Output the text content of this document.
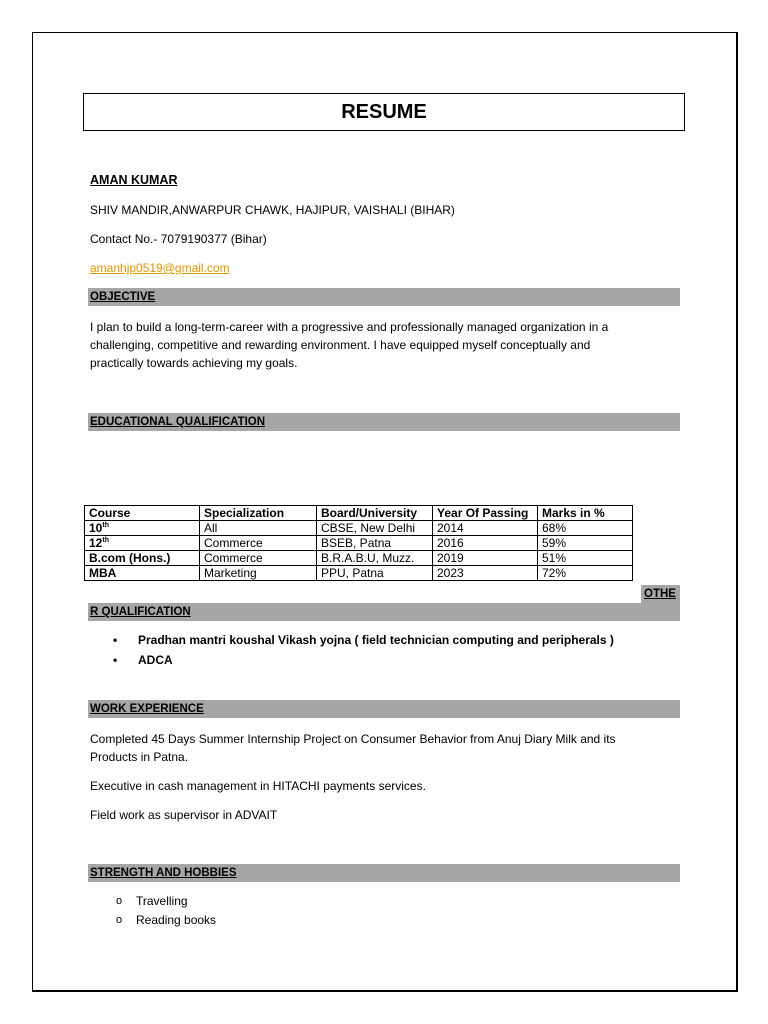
RESUME
AMAN KUMAR
SHIV MANDIR,ANWARPUR CHAWK, HAJIPUR, VAISHALI (BIHAR)
Contact No.- 7079190377 (Bihar)
amanhjp0519@gmail.com
OBJECTIVE
I plan to build a long-term-career with a progressive and professionally managed organization in a
challenging, competitive and rewarding environment. I have equipped myself conceptually and
practically towards achieving my goals.
EDUCATIONAL QUALIFICATION
Course	Specialization	Board/University	Year Of Passing	Marks in %
10th	All	CBSE, New Delhi	2014	68%
12th	Commerce	BSEB, Patna	2016	59%
B.com (Hons.)	Commerce	B.R.A.B.U, Muzz.	2019	51%
MBA	Marketing	PPU, Patna	2023	72%
OTHE
R QUALIFICATION
• Pradhan mantri koushal Vikash yojna ( field technician computing and peripherals )
• ADCA
WORK EXPERIENCE
Completed 45 Days Summer Internship Project on Consumer Behavior from Anuj Diary Milk and its
Products in Patna.
Executive in cash management in HITACHI payments services.
Field work as supervisor in ADVAIT
STRENGTH AND HOBBIES
o Travelling
o Reading books
